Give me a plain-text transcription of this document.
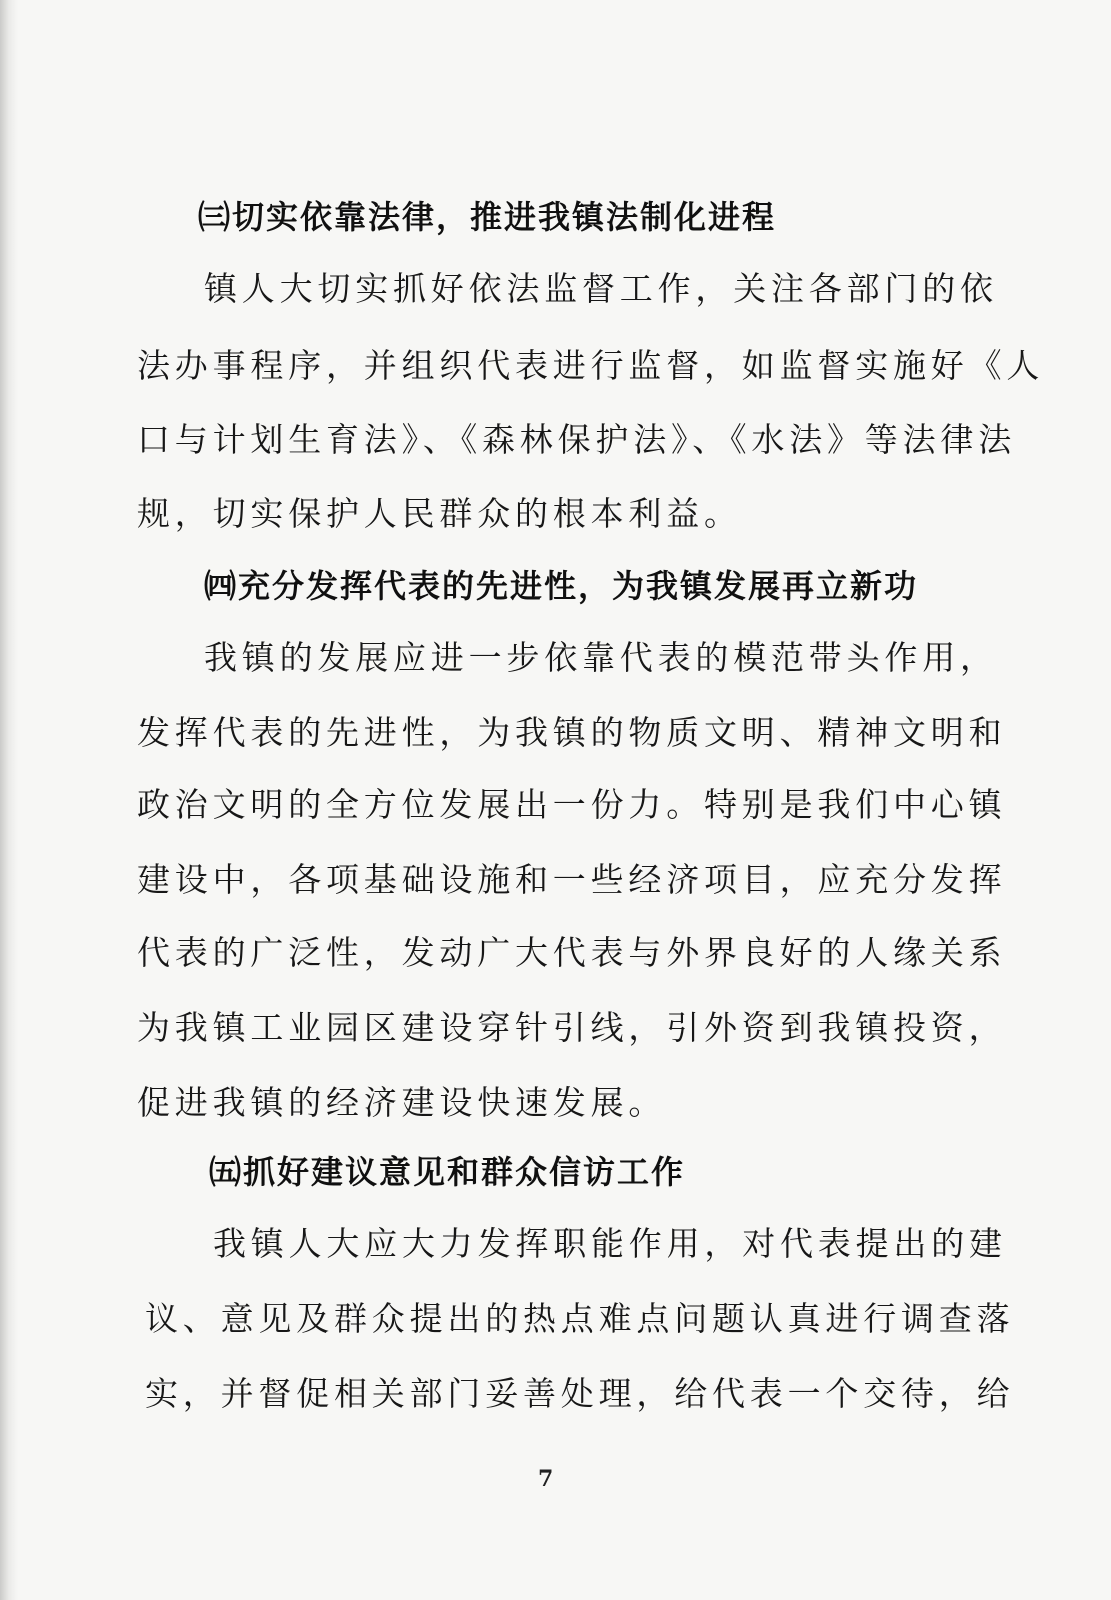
㈢切实依靠法律，推进我镇法制化进程
镇人大切实抓好依法监督工作，关注各部门的依
法办事程序，并组织代表进行监督，如监督实施好《人
口与计划生育法》、《森林保护法》、《水法》等法律法
规，切实保护人民群众的根本利益。
㈣充分发挥代表的先进性，为我镇发展再立新功
我镇的发展应进一步依靠代表的模范带头作用，
发挥代表的先进性，为我镇的物质文明、精神文明和
政治文明的全方位发展出一份力。特别是我们中心镇
建设中，各项基础设施和一些经济项目，应充分发挥
代表的广泛性，发动广大代表与外界良好的人缘关系
为我镇工业园区建设穿针引线，引外资到我镇投资，
促进我镇的经济建设快速发展。
㈤抓好建议意见和群众信访工作
我镇人大应大力发挥职能作用，对代表提出的建
议、意见及群众提出的热点难点问题认真进行调查落
实，并督促相关部门妥善处理，给代表一个交待，给
7
